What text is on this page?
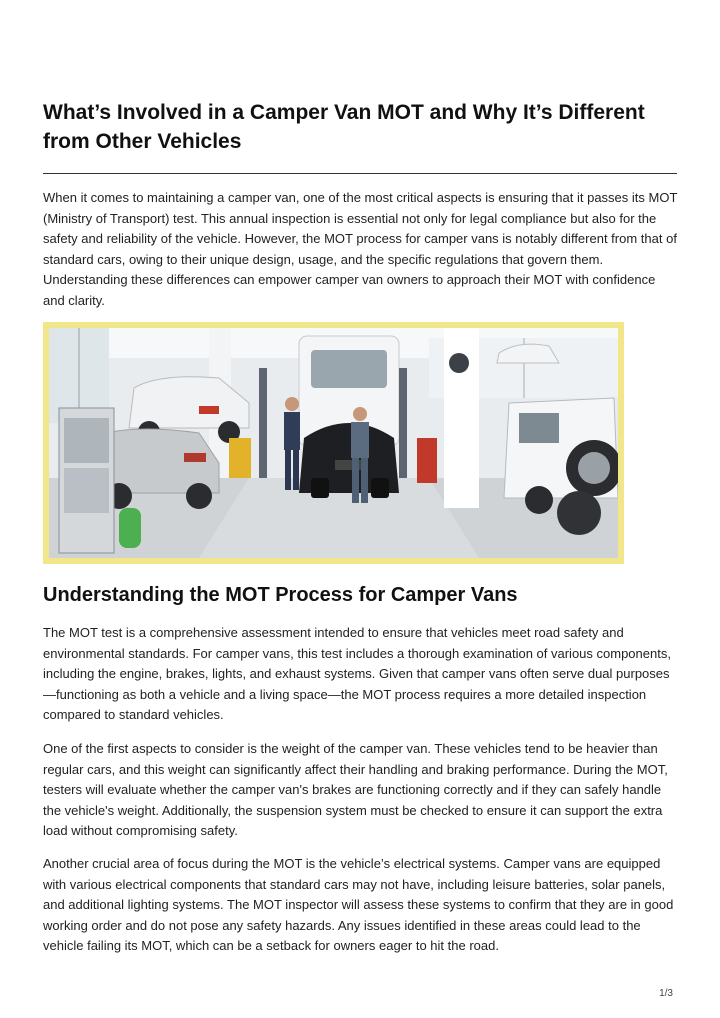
What’s Involved in a Camper Van MOT and Why It’s Different from Other Vehicles

When it comes to maintaining a camper van, one of the most critical aspects is ensuring that it passes its MOT (Ministry of Transport) test. This annual inspection is essential not only for legal compliance but also for the safety and reliability of the vehicle. However, the MOT process for camper vans is notably different from that of standard cars, owing to their unique design, usage, and the specific regulations that govern them. Understanding these differences can empower camper van owners to approach their MOT with confidence and clarity.

Understanding the MOT Process for Camper Vans

The MOT test is a comprehensive assessment intended to ensure that vehicles meet road safety and environmental standards. For camper vans, this test includes a thorough examination of various components, including the engine, brakes, lights, and exhaust systems. Given that camper vans often serve dual purposes—functioning as both a vehicle and a living space—the MOT process requires a more detailed inspection compared to standard vehicles.

One of the first aspects to consider is the weight of the camper van. These vehicles tend to be heavier than regular cars, and this weight can significantly affect their handling and braking performance. During the MOT, testers will evaluate whether the camper van's brakes are functioning correctly and if they can safely handle the vehicle's weight. Additionally, the suspension system must be checked to ensure it can support the extra load without compromising safety.

Another crucial area of focus during the MOT is the vehicle’s electrical systems. Camper vans are equipped with various electrical components that standard cars may not have, including leisure batteries, solar panels, and additional lighting systems. The MOT inspector will assess these systems to confirm that they are in good working order and do not pose any safety hazards. Any issues identified in these areas could lead to the vehicle failing its MOT, which can be a setback for owners eager to hit the road.

1/3
